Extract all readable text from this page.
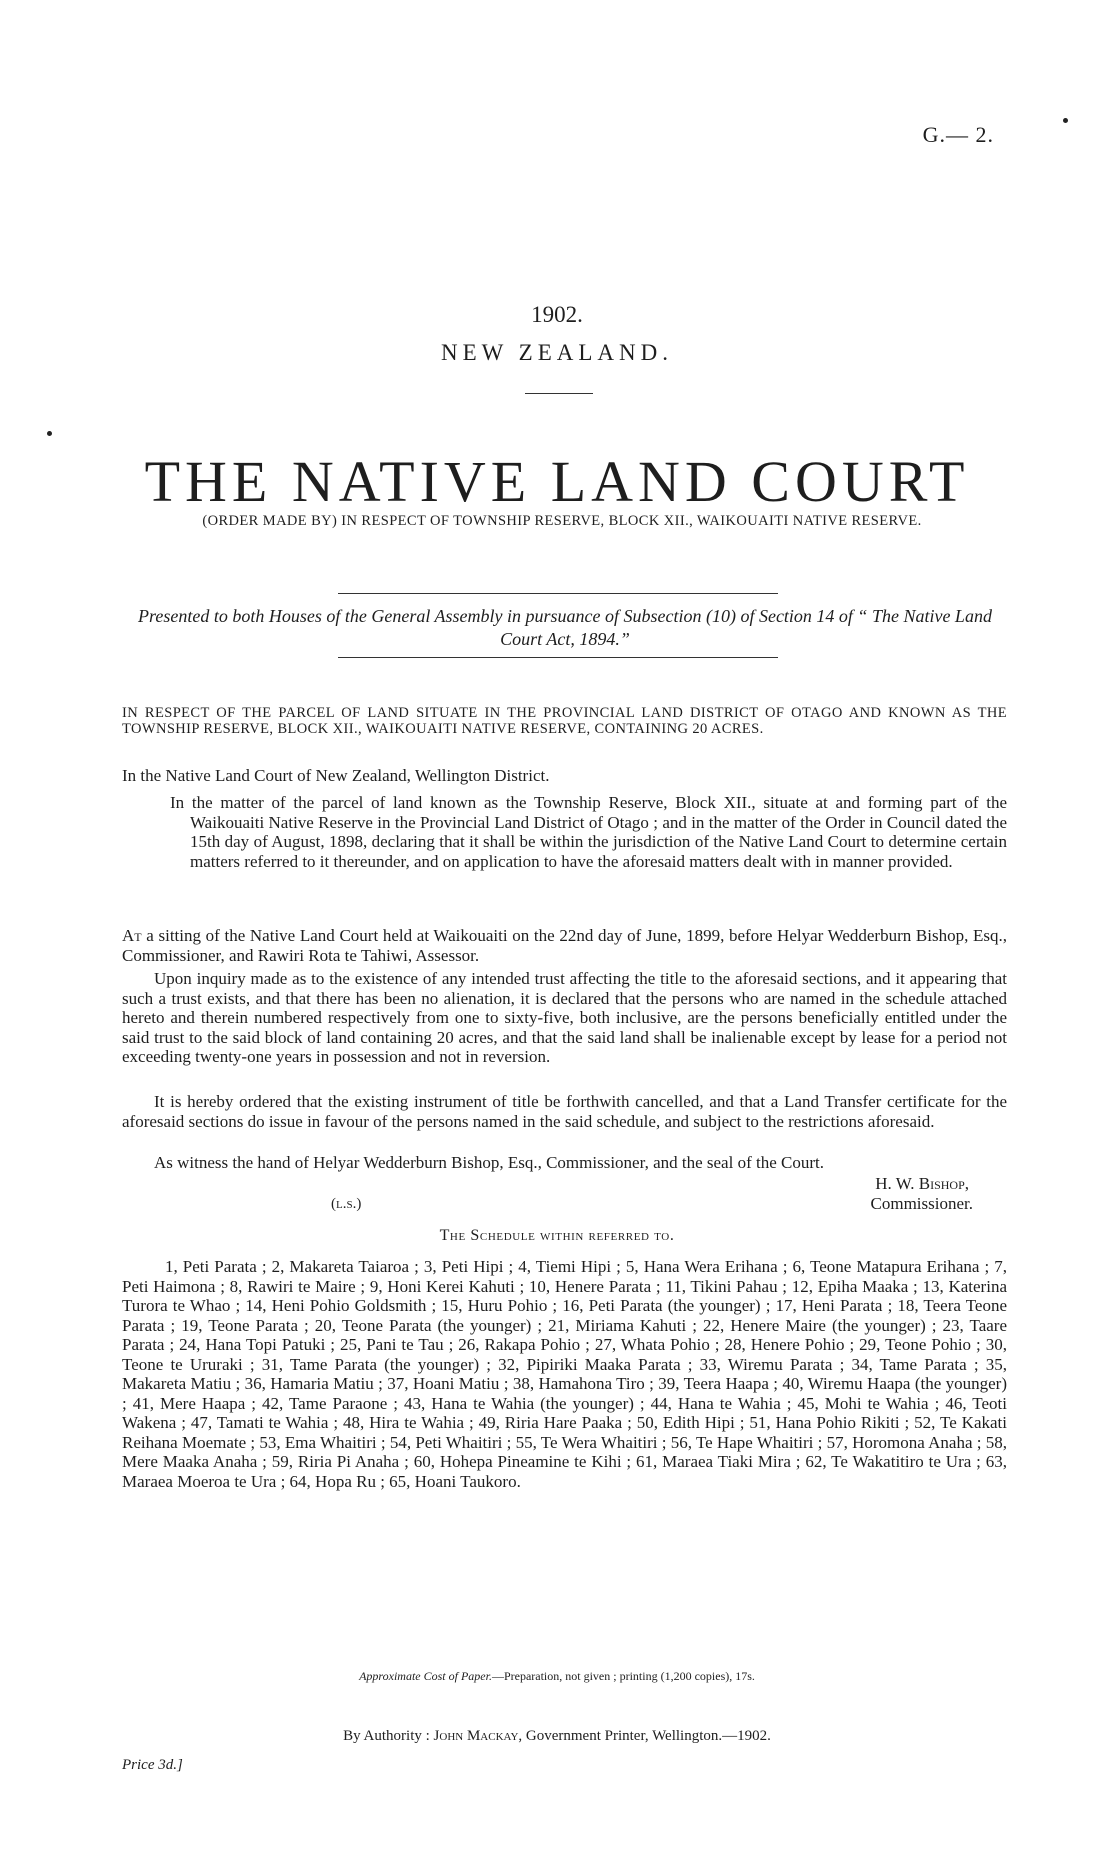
G.— 2.
1902.
NEW ZEALAND.
THE NATIVE LAND COURT
(ORDER MADE BY) IN RESPECT OF TOWNSHIP RESERVE, BLOCK XII., WAIKOUAITI NATIVE RESERVE.
Presented to both Houses of the General Assembly in pursuance of Subsection (10) of Section 14 of “ The Native Land Court Act, 1894.”
IN RESPECT OF THE PARCEL OF LAND SITUATE IN THE PROVINCIAL LAND DISTRICT OF OTAGO AND KNOWN AS THE TOWNSHIP RESERVE, BLOCK XII., WAIKOUAITI NATIVE RESERVE, CONTAINING 20 ACRES.
In the Native Land Court of New Zealand, Wellington District.
In the matter of the parcel of land known as the Township Reserve, Block XII., situate at and forming part of the Waikouaiti Native Reserve in the Provincial Land District of Otago ; and in the matter of the Order in Council dated the 15th day of August, 1898, declaring that it shall be within the jurisdiction of the Native Land Court to determine certain matters referred to it thereunder, and on application to have the aforesaid matters dealt with in manner provided.
At a sitting of the Native Land Court held at Waikouaiti on the 22nd day of June, 1899, before Helyar Wedderburn Bishop, Esq., Commissioner, and Rawiri Rota te Tahiwi, Assessor.
Upon inquiry made as to the existence of any intended trust affecting the title to the aforesaid sections, and it appearing that such a trust exists, and that there has been no alienation, it is declared that the persons who are named in the schedule attached hereto and therein numbered respectively from one to sixty-five, both inclusive, are the persons beneficially entitled under the said trust to the said block of land containing 20 acres, and that the said land shall be inalienable except by lease for a period not exceeding twenty-one years in possession and not in reversion.
It is hereby ordered that the existing instrument of title be forthwith cancelled, and that a Land Transfer certificate for the aforesaid sections do issue in favour of the persons named in the said schedule, and subject to the restrictions aforesaid.
As witness the hand of Helyar Wedderburn Bishop, Esq., Commissioner, and the seal of the Court.
H. W. Bishop,
(l.s.)	Commissioner.
The Schedule within referred to.
1, Peti Parata ; 2, Makareta Taiaroa ; 3, Peti Hipi ; 4, Tiemi Hipi ; 5, Hana Wera Erihana ; 6, Teone Matapura Erihana ; 7, Peti Haimona ; 8, Rawiri te Maire ; 9, Honi Kerei Kahuti ; 10, Henere Parata ; 11, Tikini Pahau ; 12, Epiha Maaka ; 13, Katerina Turora te Whao ; 14, Heni Pohio Goldsmith ; 15, Huru Pohio ; 16, Peti Parata (the younger) ; 17, Heni Parata ; 18, Teera Teone Parata ; 19, Teone Parata ; 20, Teone Parata (the younger) ; 21, Miriama Kahuti ; 22, Henere Maire (the younger) ; 23, Taare Parata ; 24, Hana Topi Patuki ; 25, Pani te Tau ; 26, Rakapa Pohio ; 27, Whata Pohio ; 28, Henere Pohio ; 29, Teone Pohio ; 30, Teone te Ururaki ; 31, Tame Parata (the younger) ; 32, Pipiriki Maaka Parata ; 33, Wiremu Parata ; 34, Tame Parata ; 35, Makareta Matiu ; 36, Hamaria Matiu ; 37, Hoani Matiu ; 38, Hamahona Tiro ; 39, Teera Haapa ; 40, Wiremu Haapa (the younger) ; 41, Mere Haapa ; 42, Tame Paraone ; 43, Hana te Wahia (the younger) ; 44, Hana te Wahia ; 45, Mohi te Wahia ; 46, Teoti Wakena ; 47, Tamati te Wahia ; 48, Hira te Wahia ; 49, Riria Hare Paaka ; 50, Edith Hipi ; 51, Hana Pohio Rikiti ; 52, Te Kakati Reihana Moemate ; 53, Ema Whaitiri ; 54, Peti Whaitiri ; 55, Te Wera Whaitiri ; 56, Te Hape Whaitiri ; 57, Horomona Anaha ; 58, Mere Maaka Anaha ; 59, Riria Pi Anaha ; 60, Hohepa Pineamine te Kihi ; 61, Maraea Tiaki Mira ; 62, Te Wakatitiro te Ura ; 63, Maraea Moeroa te Ura ; 64, Hopa Ru ; 65, Hoani Taukoro.
Approximate Cost of Paper.—Preparation, not given ; printing (1,200 copies), 17s.
By Authority : John Mackay, Government Printer, Wellington.—1902.
Price 3d.]
